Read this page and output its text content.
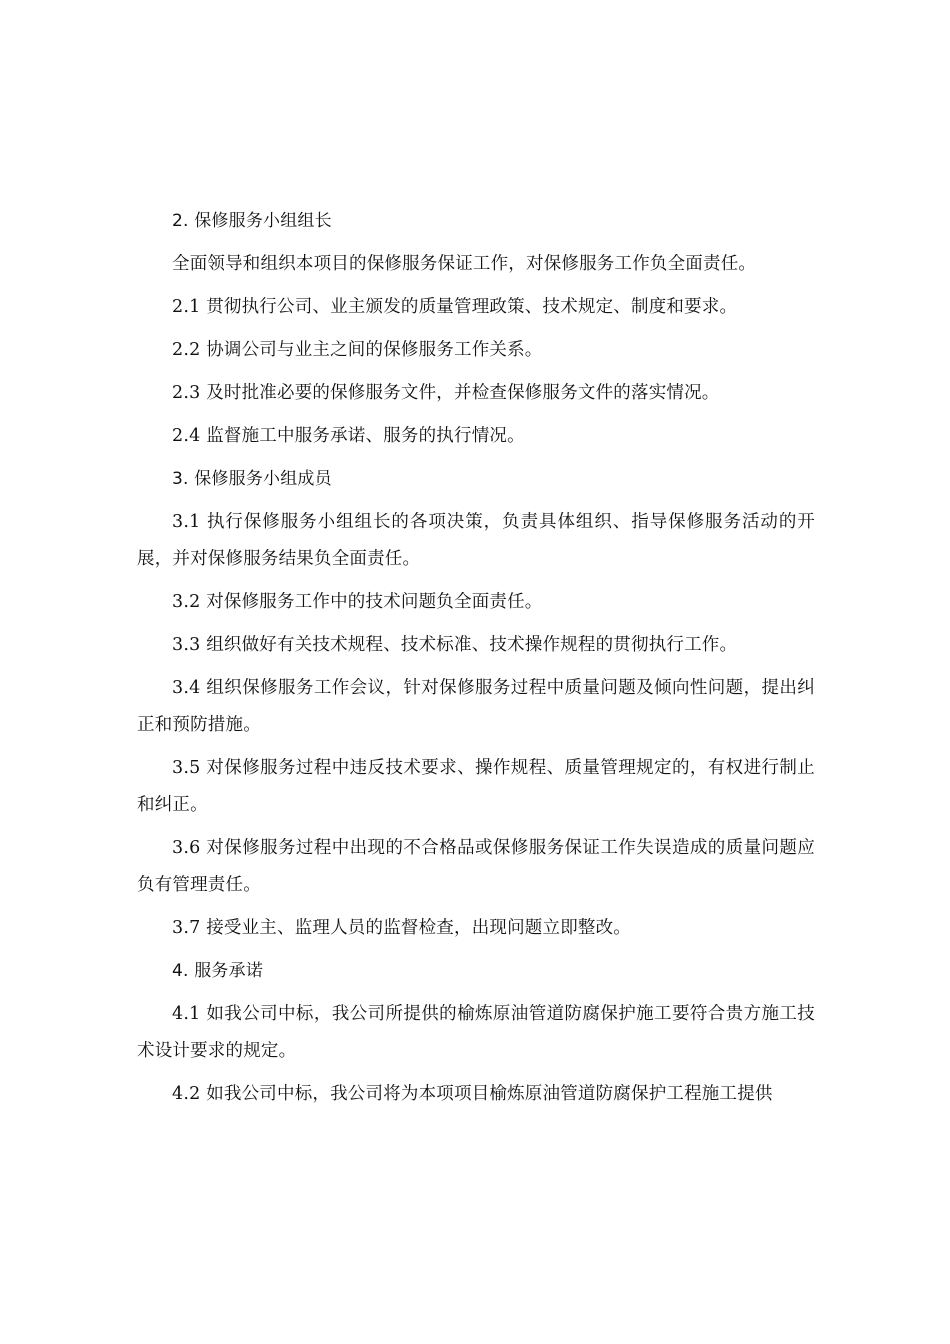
2. 保修服务小组组长

全面领导和组织本项目的保修服务保证工作，对保修服务工作负全面责任。

2.1 贯彻执行公司、业主颁发的质量管理政策、技术规定、制度和要求。

2.2 协调公司与业主之间的保修服务工作关系。

2.3 及时批准必要的保修服务文件，并检查保修服务文件的落实情况。

2.4 监督施工中服务承诺、服务的执行情况。

3. 保修服务小组成员

3.1 执行保修服务小组组长的各项决策，负责具体组织、指导保修服务活动的开展，并对保修服务结果负全面责任。

3.2 对保修服务工作中的技术问题负全面责任。

3.3 组织做好有关技术规程、技术标准、技术操作规程的贯彻执行工作。

3.4 组织保修服务工作会议，针对保修服务过程中质量问题及倾向性问题，提出纠正和预防措施。

3.5 对保修服务过程中违反技术要求、操作规程、质量管理规定的，有权进行制止和纠正。

3.6 对保修服务过程中出现的不合格品或保修服务保证工作失误造成的质量问题应负有管理责任。

3.7 接受业主、监理人员的监督检查，出现问题立即整改。

4. 服务承诺

4.1 如我公司中标，我公司所提供的榆炼原油管道防腐保护施工要符合贵方施工技术设计要求的规定。

4.2 如我公司中标，我公司将为本项项目榆炼原油管道防腐保护工程施工提供
